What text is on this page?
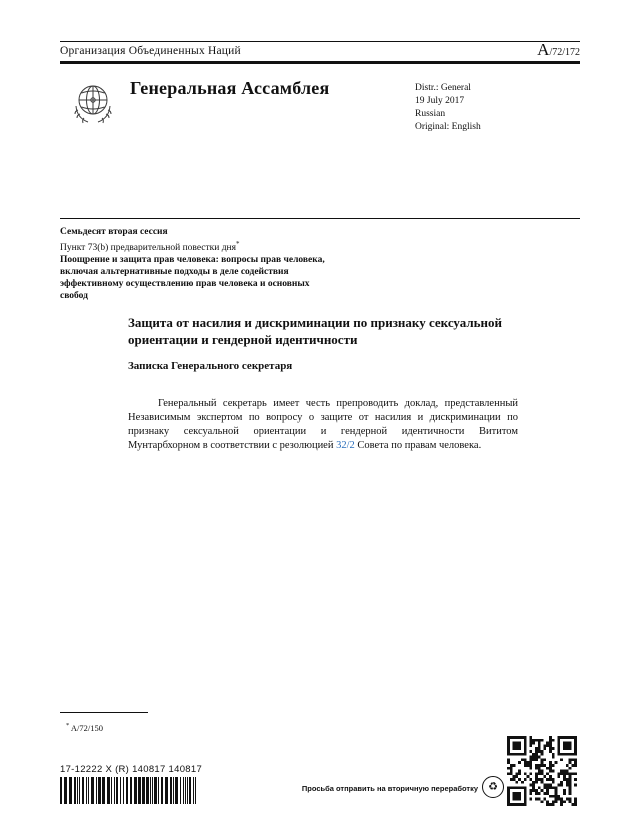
Организация Объединенных Наций	A/72/172
Генеральная Ассамблея	Distr.: General
19 July 2017
Russian
Original: English
Семьдесят вторая сессия
Пункт 73(b) предварительной повестки дня*
Поощрение и защита прав человека: вопросы прав человека, включая альтернативные подходы в деле содействия эффективному осуществлению прав человека и основных свобод
Защита от насилия и дискриминации по признаку сексуальной ориентации и гендерной идентичности
Записка Генерального секретаря

Генеральный секретарь имеет честь препроводить доклад, представленный Независимым экспертом по вопросу о защите от насилия и дискриминации по признаку сексуальной ориентации и гендерной идентичности Вититом Мунтарбхорном в соответствии с резолюцией 32/2 Совета по правам человека.

* A/72/150
17-12222 X (R) 140817 140817
Просьба отправить на вторичную переработку ♻
